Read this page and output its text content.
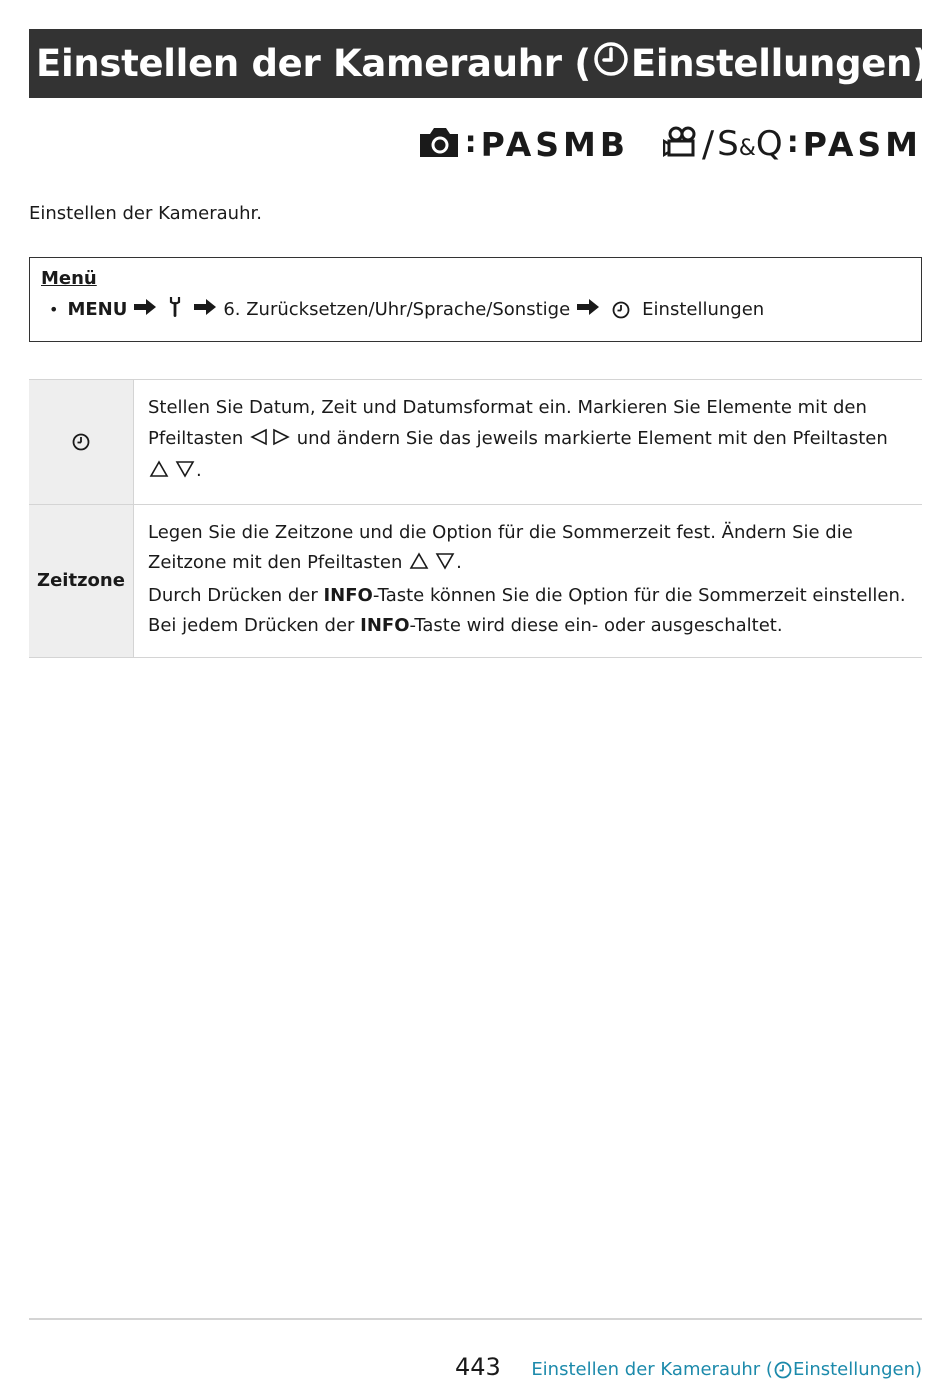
Einstellen der Kamerauhr ( Einstellungen)
: PASMB / S & Q : PASM
Einstellen der Kamerauhr.
Menü
• MENU	6. Zurücksetzen/Uhr/Sprache/Sonstige	Einstellungen
	Stellen Sie Datum, Zeit und Datumsformat ein. Markieren Sie Elemente mit den Pfeiltasten  und ändern Sie das jeweils markierte Element mit den Pfeiltasten .
Zeitzone	Legen Sie die Zeitzone und die Option für die Sommerzeit fest. Ändern Sie die Zeitzone mit den Pfeiltasten .
Durch Drücken der INFO-Taste können Sie die Option für die Sommerzeit einstellen. Bei jedem Drücken der INFO-Taste wird diese ein- oder ausgeschaltet.
443 Einstellen der Kamerauhr ( Einstellungen)
